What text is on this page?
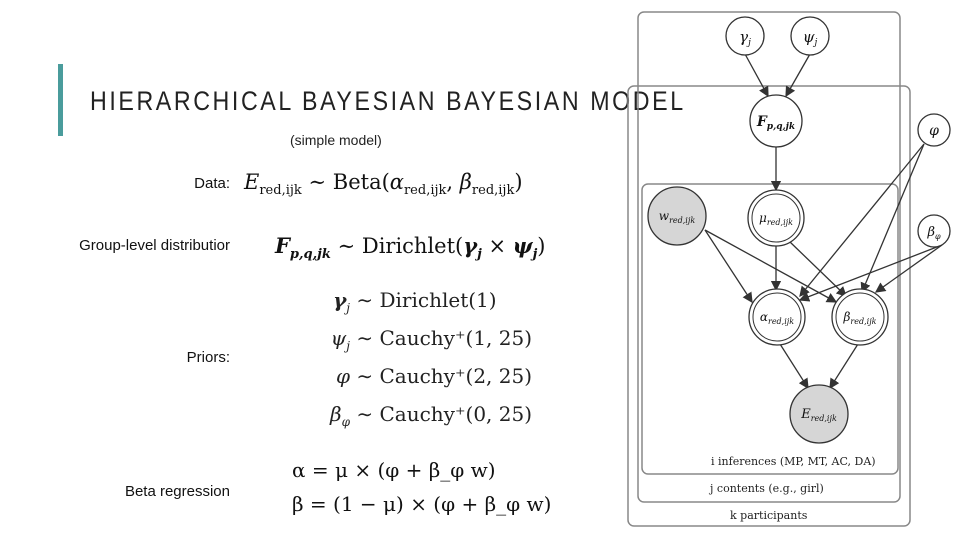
HIERARCHICAL BAYESIAN BAYESIAN MODEL
(simple model)
Data:
Group-level distributior
Priors:
Beta regression
$E_{red,ijk}$ ∼ $Beta(\alpha_{red,ijk}$, $\beta_{red,ijk}$)
$F_{p,q,jk}$ ∼ $Dirichlet(\gamma_j \times \psi_j)$
$\gamma_j$ ∼ Dirichlet(1)
$\psi_j$ ∼ Cauchy⁺(1, 25)
φ ∼ Cauchy⁺(2, 25)
$\beta_\varphi$ ∼ Cauchy⁺(0, 25)
α = μ × (φ + β_φ w)
β = (1 − μ) × (φ + β_φ w)
$\gamma_j$	$\psi_j$
$F_{p,q,jk}$	φ
$\beta_\varphi$
$w_{red,ijk}$	$\mu_{red,ijk}$
$\alpha_{red,ijk}$	$\beta_{red,ijk}$
$E_{red,ijk}$
i inferences (MP, MT, AC, DA)
j contents (e.g., girl)
k participants
